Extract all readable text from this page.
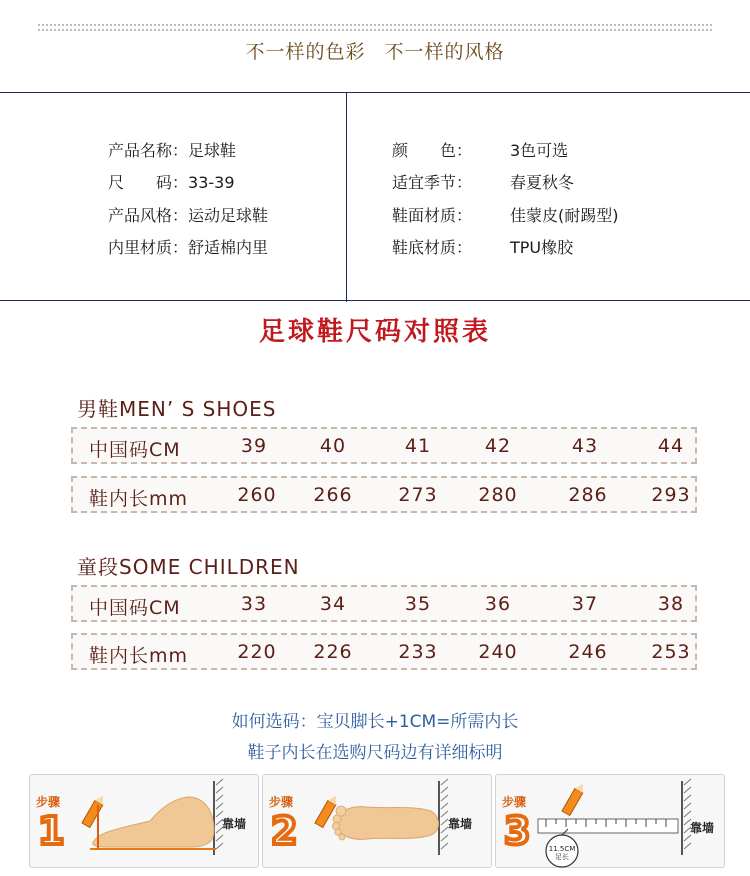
不一样的色彩 不一样的风格
产品名称：足球鞋
尺　　码：33-39
产品风格：运动足球鞋
内里材质：舒适棉内里
颜　　色： 3色可选
适宜季节： 春夏秋冬
鞋面材质： 佳蒙皮(耐踢型)
鞋底材质： TPU橡胶
足球鞋尺码对照表
男鞋MEN’ S SHOES
中国码CM	39	40	41	42	43	44
鞋内长mm	260	266	273	280	286	293
童段SOME CHILDREN
中国码CM	33	34	35	36	37	38
鞋内长mm	220	226	233	240	246	253
如何选码：宝贝脚长+1CM=所需内长
鞋子内长在选购尺码边有详细标明
步骤
1	靠墙
步骤
2	靠墙
步骤
3	靠墙
11.5CM
足长
